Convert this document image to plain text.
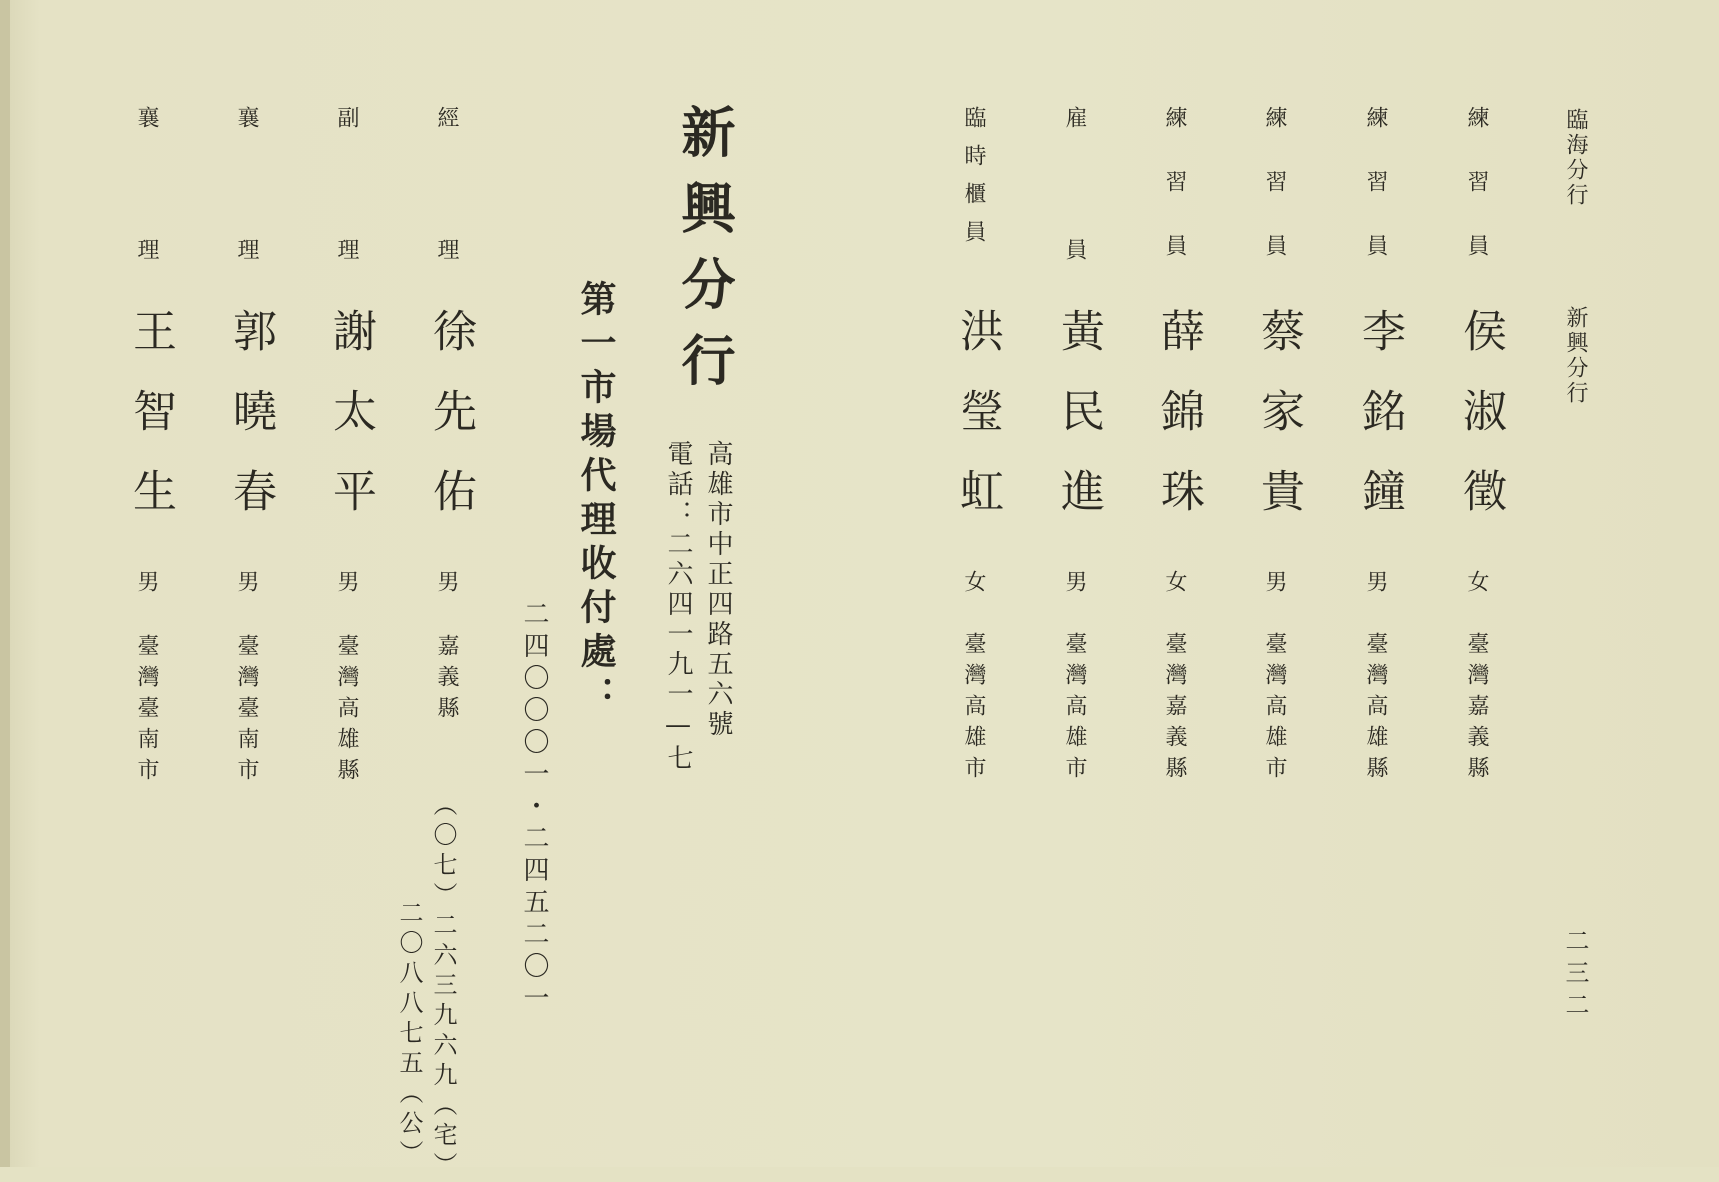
臨海分行
新興分行
二三二
練習員
侯淑徵
女
臺灣嘉義縣
練習員
李銘鐘
男
臺灣高雄縣
練習員
蔡家貴
男
臺灣高雄市
練習員
薛錦珠
女
臺灣嘉義縣
雇員
黃民進
男
臺灣高雄市
臨時櫃員
洪瑩虹
女
臺灣高雄市
新興分行
高雄市中正四路五六號
電話：二六四一九一—七
第一市場代理收付處：
二四〇〇〇一・二四五二〇一
經理
徐先佑
男
嘉義縣
（〇七）二六三九六九（宅）
二〇八八七五（公）
副理
謝太平
男
臺灣高雄縣
襄理
郭曉春
男
臺灣臺南市
襄理
王智生
男
臺灣臺南市
